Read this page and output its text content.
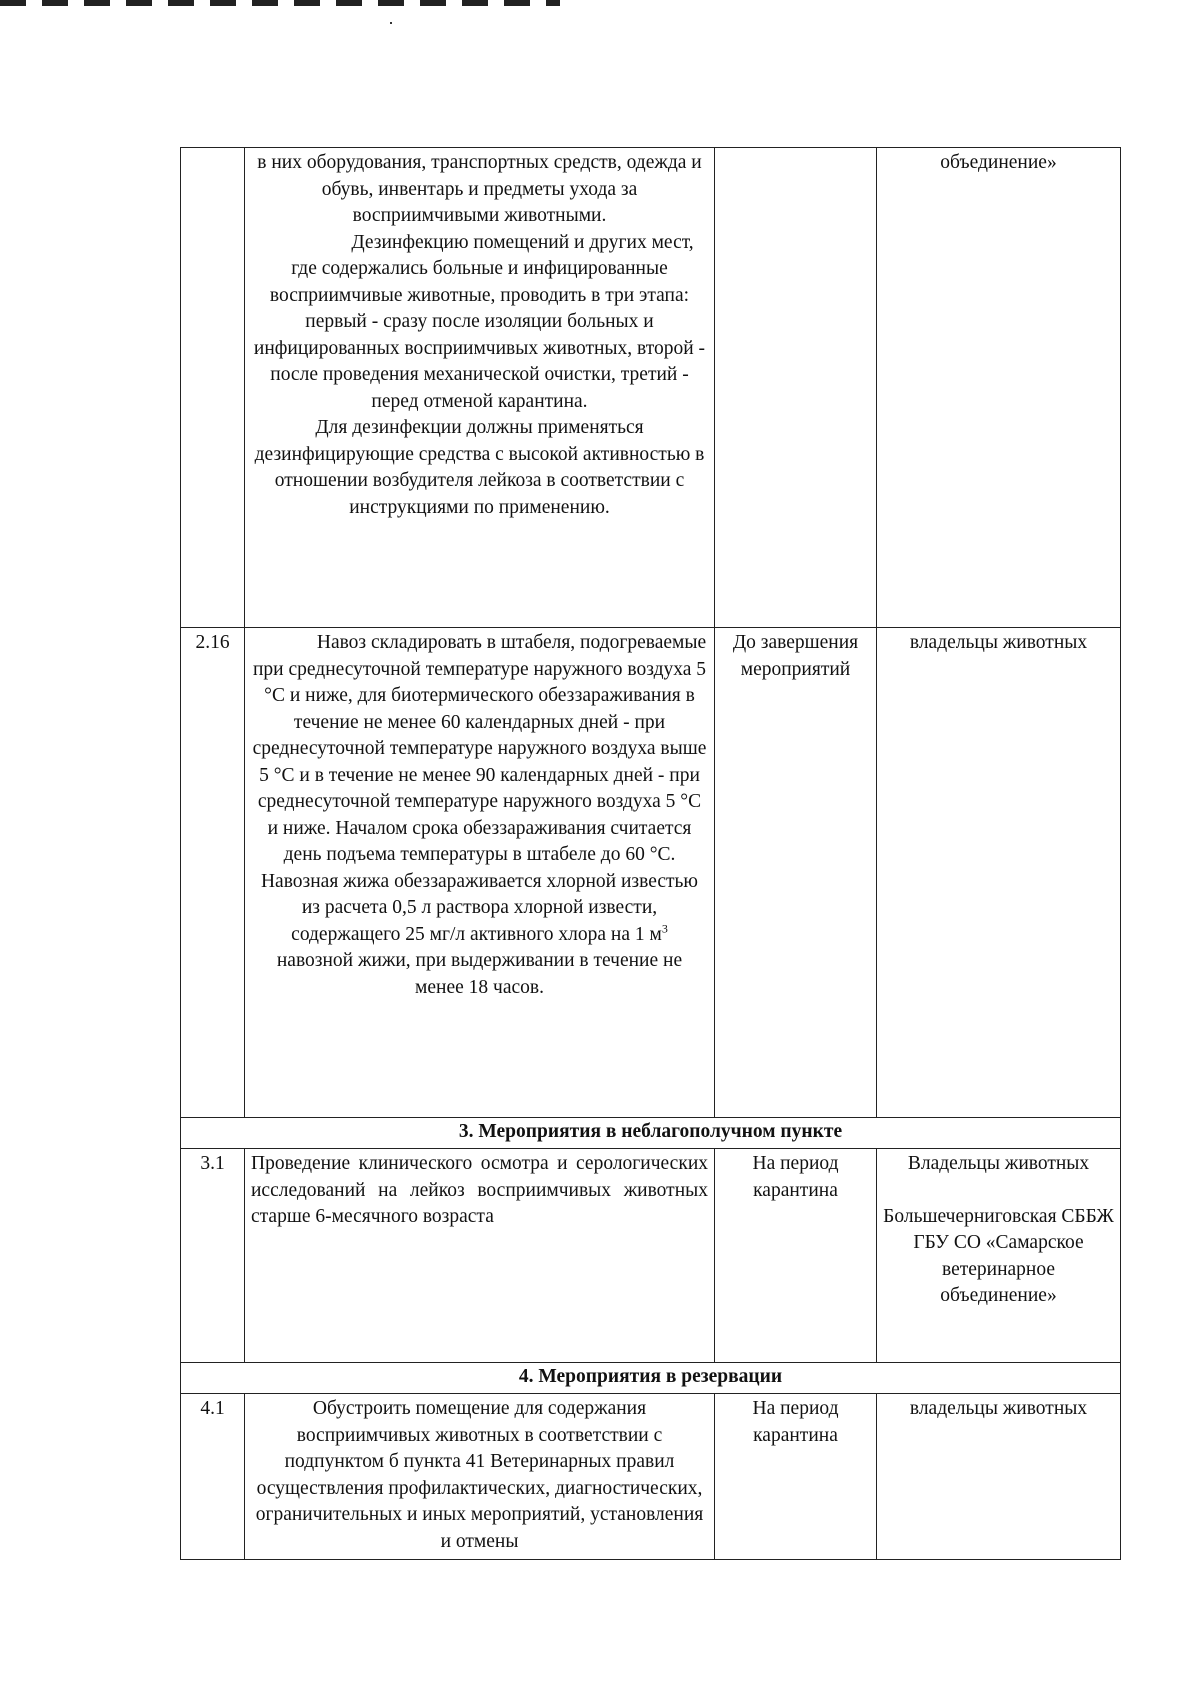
	в них оборудования, транспортных средств, одежда и обувь, инвентарь и предметы ухода за восприимчивыми животными.
Дезинфекцию помещений и других мест, где содержались больные и инфицированные восприимчивые животные, проводить в три этапа: первый - сразу после изоляции больных и инфицированных восприимчивых животных, второй - после проведения механической очистки, третий - перед отменой карантина.
Для дезинфекции должны применяться дезинфицирующие средства с высокой активностью в отношении возбудителя лейкоза в соответствии с инструкциями по применению.		объединение»
2.16	Навоз складировать в штабеля, подогреваемые при среднесуточной температуре наружного воздуха 5 °С и ниже, для биотермического обеззараживания в течение не менее 60 календарных дней - при среднесуточной температуре наружного воздуха выше 5 °С и в течение не менее 90 календарных дней - при среднесуточной температуре наружного воздуха 5 °С и ниже. Началом срока обеззараживания считается день подъема температуры в штабеле до 60 °С. Навозная жижа обеззараживается хлорной известью из расчета 0,5 л раствора хлорной извести, содержащего 25 мг/л активного хлора на 1 $м^3$ навозной жижи, при выдерживании в течение не менее 18 часов.	До завершения мероприятий	владельцы животных
3. Мероприятия в неблагополучном пункте			
3.1	Проведение клинического осмотра и серологических исследований на лейкоз восприимчивых животных старше 6-месячного возраста	На период карантина	Владельцы животных
Большечерниговская СББЖ ГБУ СО «Самарское ветеринарное объединение»

4. Мероприятия в резервации			
4.1	Обустроить помещение для содержания восприимчивых животных в соответствии с подпунктом б пункта 41 Ветеринарных правил осуществления профилактических, диагностических, ограничительных и иных мероприятий, установления и отмены	На период карантина	владельцы животных
